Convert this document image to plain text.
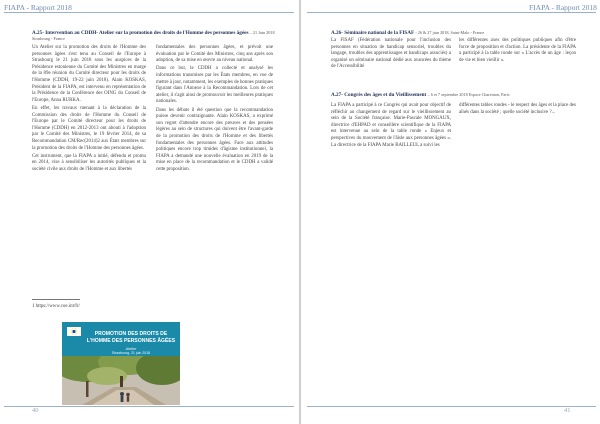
FIAPA - Rapport 2018
A.25- Intervention au CDDH- Atelier sur la promotion des droits de l'Homme des personnes âgées – 21 Juin 2018 Strasbourg - France

Un Atelier sur la promotion des droits de l'Homme des personnes âgées s'est tenu au Conseil de l'Europe à Strasbourg le 21 juin 2018 sous les auspices de la Présidence estonienne du Comité des Ministres en marge de la 89e réunion du Comité directeur pour les droits de l'Homme (CDDH, 19-22 juin 2018). Alain KOSKAS, Président de la FIAPA, est intervenu en représentation de la Présidence de la Conférence des OING du Conseil de l'Europe, Anna RURKA.

En effet, les travaux menant à la déclaration de la Commission des droits de l'Homme du Conseil de l'Europe par le Comité directeur pour les droits de l'Homme (CDDH) en 2012-2013 ont abouti à l'adoption par le Comité des Ministres, le 19 février 2014, de sa Recommandation CM/Rec(2014)2 aux États membres sur la promotion des droits de l'Homme des personnes âgées.

Cet instrument, que la FIAPA a initié, défendu et promu en 2014, vise à sensibiliser les autorités publiques et la société civile aux droits de l'Homme et aux libertés

fondamentales des personnes âgées, et prévoit une évaluation par le Comité des Ministres, cinq ans après son adoption, de sa mise en œuvre au niveau national.

Dans ce but, le CDDH a collecté et analysé les informations transmises par les États membres, en vue de mettre à jour, notamment, les exemples de bonnes pratiques figurant dans l'Annexe à la Recommandation. Lors de cet atelier, il s'agit ainsi de promouvoir les meilleures pratiques nationales.

Dans les débats il été question que la recommandation puisse devenir contraignante. Alain KOSKAS, a exprimé son regret d'attendre encore des preuves et des pensées légères au sein de structures qui doivent être l'avant-garde de la promotion des droits de l'Homme et des libertés fondamentales des personnes âgées. Face aux attitudes politiques encore trop timides d'âgisme institutionnel, la FIAPA a demandé une nouvelle évaluation en 2019 de la mise en place de la recommandation et le CDDH a validé cette proposition.

1 https://www.coe.int/fr/
PROMOTION DES DROITS DE L'HOMME DES PERSONNES ÂGÉES
Atelier
Strasbourg, 21 juin 2018
40
FIAPA - Rapport 2018
A.26- Séminaire national de la FISAF - 26 & 27 juin 2018, Saint-Malo - France

La FISAF (Fédération nationale pour l'inclusion des personnes en situation de handicap sensoriel, troubles du langage, troubles des apprentissages et handicaps associés) a organisé un séminaire national dédié aux avancées du thème de l'Accessibilité

A.27- Congrès des âges et du Vieillissement – 6 et 7 septembre 2018 Espace Charenton, Paris

La FIAPA a participé à ce Congrès qui avait pour objectif de réfléchir au changement de regard sur le vieillissement au sein de la Société française. Marie-Pascale MONGAUX, directrice d'EHPAD et conseillère scientifique de la FIAPA est intervenue au sein de la table ronde « Enjeux et perspectives du mouvement de l'âisle aux personnes âgées ». La directrice de la FIAPA Marie BAILLEUL a suivi les

les différentes axes des politiques publiques afin d'être force de proposition et d'action. La présidente de la FIAPA a participé à la table ronde sur « L'accès de un âge : leçon de vie et bien vieillir ».

différentes tables rondes - le respect des âges et la place des aînés dans la société ; quelle société inclusive ?...

41
